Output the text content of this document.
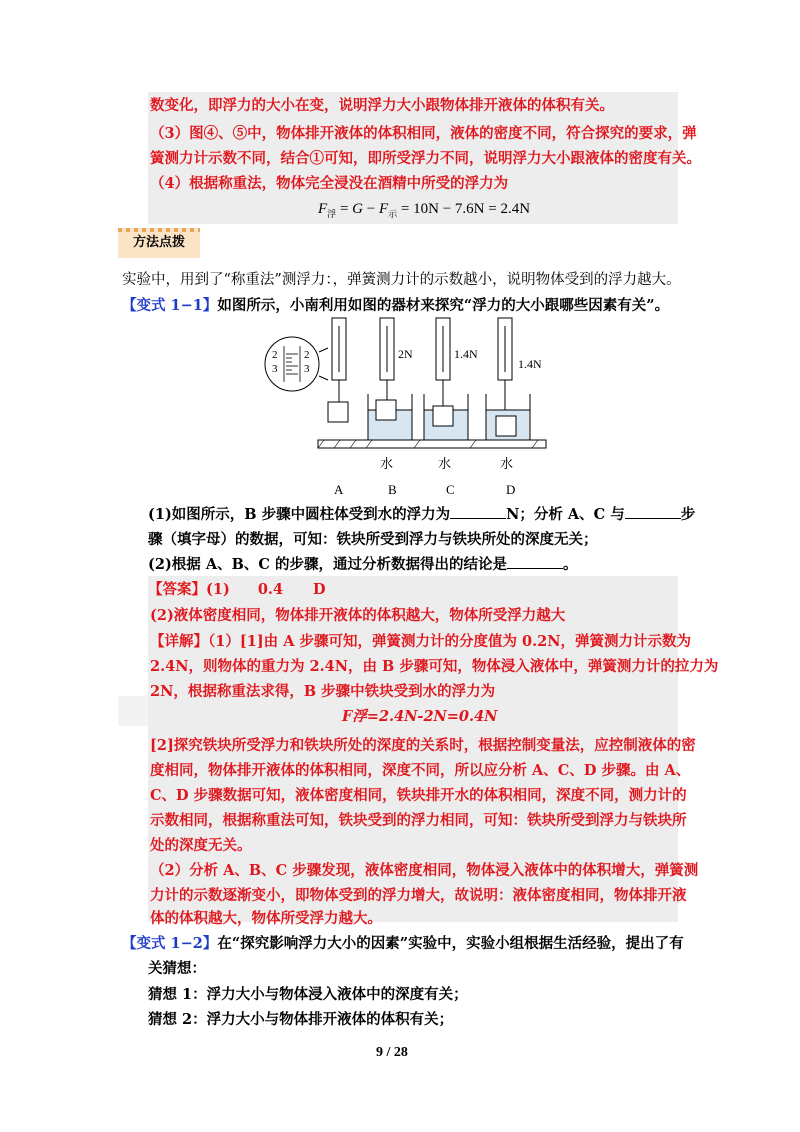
数变化，即浮力的大小在变，说明浮力大小跟物体排开液体的体积有关。
（3）图④、⑤中，物体排开液体的体积相同，液体的密度不同，符合探究的要求，弹
簧测力计示数不同，结合①可知，即所受浮力不同，说明浮力大小跟液体的密度有关。
（4）根据称重法，物体完全浸没在酒精中所受的浮力为
$F_浮 = G - F_示 = 10N - 7.6N = 2.4N$
方法点拨
实验中，用到了“称重法”测浮力：，弹簧测力计的示数越小，说明物体受到的浮力越大。
【变式 1−1】如图所示，小南利用如图的器材来探究“浮力的大小跟哪些因素有关”。
2
3
2
3
2N	1.4N
1.4N
水	水	水
A	B	C	D
(1)如图所示，B 步骤中圆柱体受到水的浮力为	N；分析 A、C 与	步
骤（填字母）的数据，可知：铁块所受到浮力与铁块所处的深度无关；
(2)根据 A、B、C 的步骤，通过分析数据得出的结论是	。
【答案】(1) 0.4 D
(2)液体密度相同，物体排开液体的体积越大，物体所受浮力越大
【详解】（1）[1]由 A 步骤可知，弹簧测力计的分度值为 0.2N，弹簧测力计示数为
2.4N，则物体的重力为 2.4N，由 B 步骤可知，物体浸入液体中，弹簧测力计的拉力为
2N，根据称重法求得，B 步骤中铁块受到水的浮力为
F浮=2.4N-2N=0.4N
[2]探究铁块所受浮力和铁块所处的深度的关系时，根据控制变量法，应控制液体的密
度相同，物体排开液体的体积相同，深度不同，所以应分析 A、C、D 步骤。由 A、
C、D 步骤数据可知，液体密度相同，铁块排开水的体积相同，深度不同，测力计的
示数相同，根据称重法可知，铁块受到的浮力相同，可知：铁块所受到浮力与铁块所
处的深度无关。
（2）分析 A、B、C 步骤发现，液体密度相同，物体浸入液体中的体积增大，弹簧测
力计的示数逐渐变小，即物体受到的浮力增大，故说明：液体密度相同，物体排开液
体的体积越大，物体所受浮力越大。
【变式 1−2】在“探究影响浮力大小的因素”实验中，实验小组根据生活经验，提出了有
关猜想：
猜想 1：浮力大小与物体浸入液体中的深度有关；
猜想 2：浮力大小与物体排开液体的体积有关；
9 / 28
